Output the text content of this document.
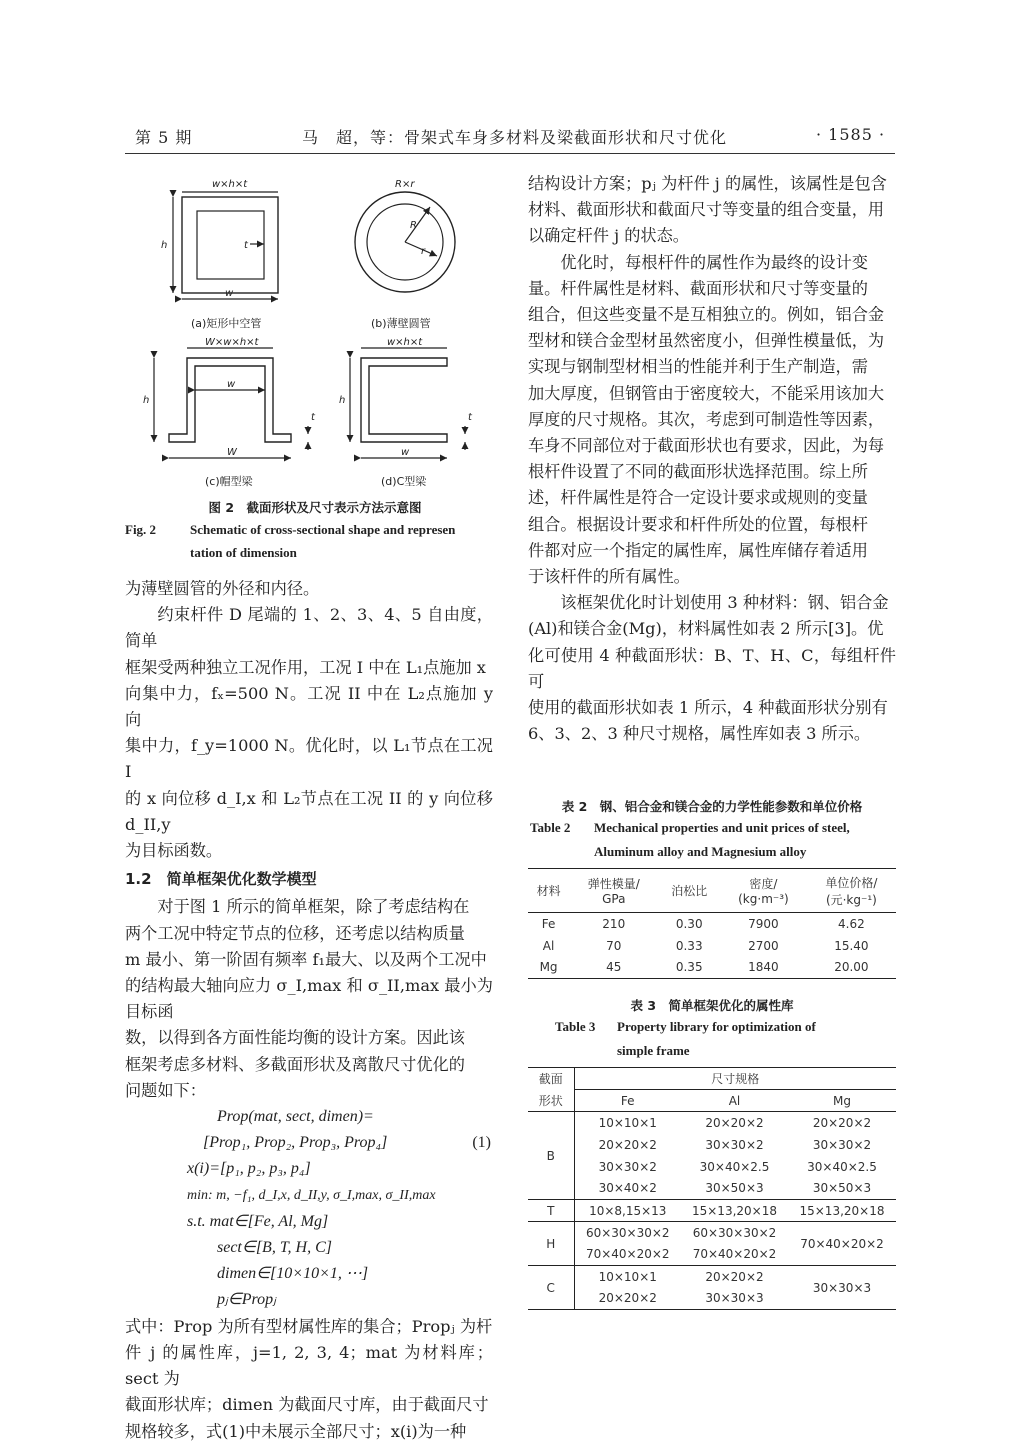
第 5 期	马　超，等：骨架式车身多材料及梁截面形状和尺寸优化	· 1585 ·
w×h×t
h	t
w
R×r
R
r
W×w×h×t
h
w
W
t
w×h×t
h
w
t
(a)矩形中空管	(b)薄壁圆管
(c)帽型梁	(d)C型梁
图 2　截面形状及尺寸表示方法示意图
Fig. 2	Schematic of cross-sectional shape and represen
tation of dimension

为薄壁圆管的外径和内径。

约束杆件 D 尾端的 1、2、3、4、5 自由度，简单

框架受两种独立工况作用，工况 I 中在 L₁点施加 x

向集中力，fₓ=500 N。工况 II 中在 L₂点施加 y 向

集中力，f_y=1000 N。优化时，以 L₁节点在工况 I

的 x 向位移 d_I,x 和 L₂节点在工况 II 的 y 向位移 d_II,y

为目标函数。

1.2　简单框架优化数学模型

对于图 1 所示的简单框架，除了考虑结构在

两个工况中特定节点的位移，还考虑以结构质量

m 最小、第一阶固有频率 f₁最大、以及两个工况中

的结构最大轴向应力 σ_I,max 和 σ_II,max 最小为目标函

数，以得到各方面性能均衡的设计方案。因此该

框架考虑多材料、多截面形状及离散尺寸优化的

问题如下：

Prop(mat, sect, dimen)=

[Prop₁, Prop₂, Prop₃, Prop₄]	(1)

x(i)=[p₁, p₂, p₃, p₄]

min: m, −f₁, d_I,x, d_II,y, σ_I,max, σ_II,max

s.t. mat∈[Fe, Al, Mg]

sect∈[B, T, H, C]

dimen∈[10×10×1, ⋯]

pⱼ∈Propⱼ

式中：Prop 为所有型材属性库的集合；Propⱼ 为杆

件 j 的属性库，j=1, 2, 3, 4；mat 为材料库；sect 为

截面形状库；dimen 为截面尺寸库，由于截面尺寸

规格较多，式(1)中未展示全部尺寸；x(i)为一种

结构设计方案；pⱼ 为杆件 j 的属性，该属性是包含

材料、截面形状和截面尺寸等变量的组合变量，用

以确定杆件 j 的状态。

优化时，每根杆件的属性作为最终的设计变

量。杆件属性是材料、截面形状和尺寸等变量的

组合，但这些变量不是互相独立的。例如，铝合金

型材和镁合金型材虽然密度小，但弹性模量低，为

实现与钢制型材相当的性能并利于生产制造，需

加大厚度，但钢管由于密度较大，不能采用该加大

厚度的尺寸规格。其次，考虑到可制造性等因素，

车身不同部位对于截面形状也有要求，因此，为每

根杆件设置了不同的截面形状选择范围。综上所

述，杆件属性是符合一定设计要求或规则的变量

组合。根据设计要求和杆件所处的位置，每根杆

件都对应一个指定的属性库，属性库储存着适用

于该杆件的所有属性。

该框架优化时计划使用 3 种材料：钢、铝合金

(Al)和镁合金(Mg)，材料属性如表 2 所示[3]。优

化可使用 4 种截面形状：B、T、H、C，每组杆件可

使用的截面形状如表 1 所示，4 种截面形状分别有

6、3、2、3 种尺寸规格，属性库如表 3 所示。

表 2　钢、铝合金和镁合金的力学性能参数和单位价格
Table 2 Mechanical properties and unit prices of steel,
Aluminum alloy and Magnesium alloy
材料	弹性模量/
GPa	泊松比	密度/
(kg·m⁻³)	单位价格/
(元·kg⁻¹)
Fe	210	0.30	7900	4.62
Al	70	0.33	2700	15.40
Mg	45	0.35	1840	20.00
表 3　简单框架优化的属性库
Table 3 Property library for optimization of
simple frame
截面	尺寸规格		
形状	Fe	Al	Mg
B	10×10×1	20×20×2	20×20×2
	20×20×2	30×30×2	30×30×2
	30×30×2	30×40×2.5	30×40×2.5
	30×40×2	30×50×3	30×50×3
T	10×8,15×13	15×13,20×18	15×13,20×18
H	60×30×30×2	60×30×30×2	70×40×20×2
	70×40×20×2	70×40×20×2	
C	10×10×1	20×20×2	30×30×3
	20×20×2	30×30×3	
